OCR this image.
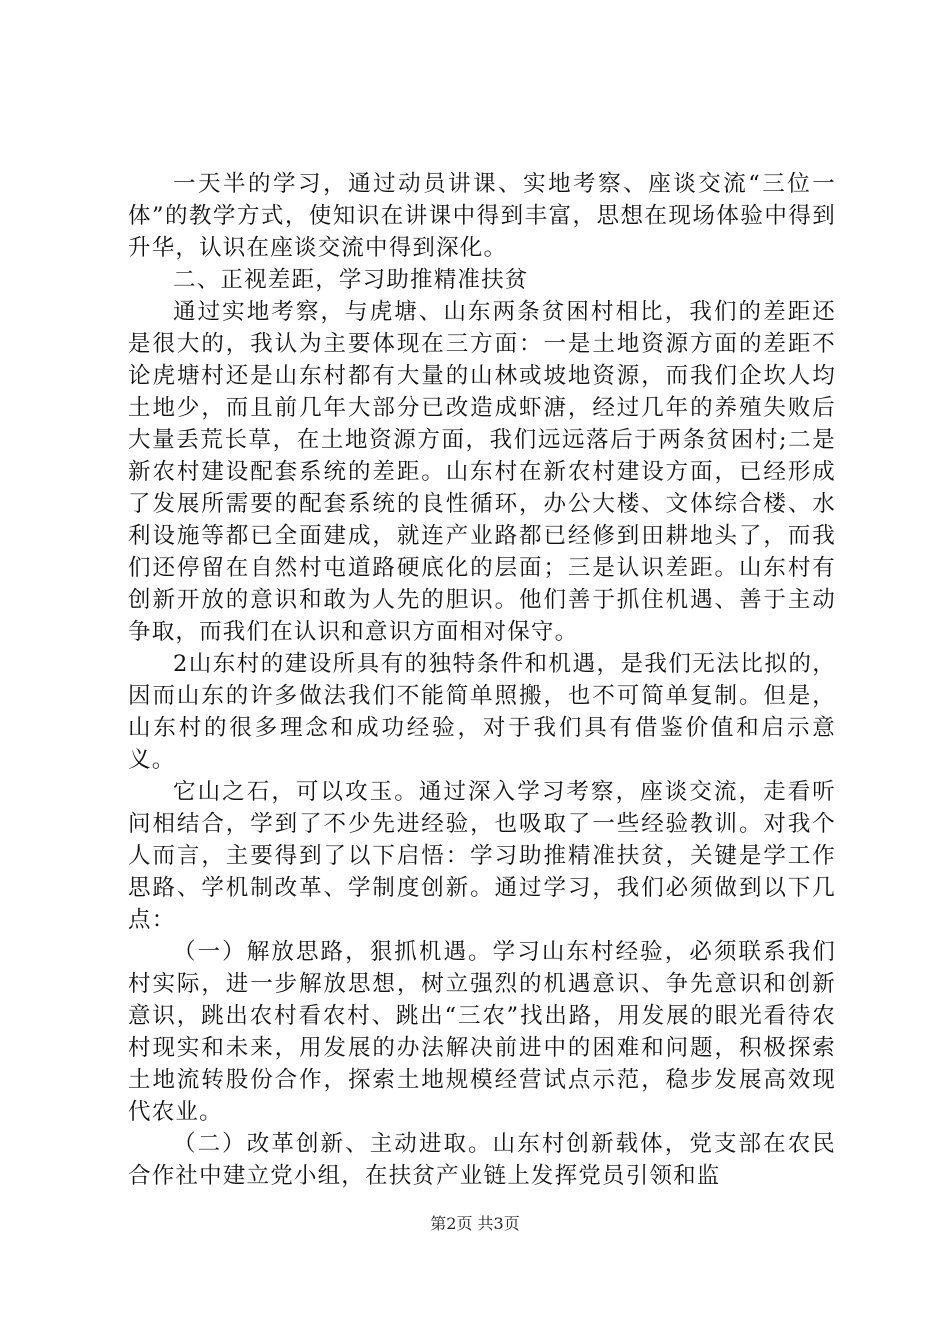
一天半的学习，通过动员讲课、实地考察、座谈交流“三位一体”的教学方式，使知识在讲课中得到丰富，思想在现场体验中得到升华，认识在座谈交流中得到深化。

二、正视差距，学习助推精准扶贫

通过实地考察，与虎塘、山东两条贫困村相比，我们的差距还是很大的，我认为主要体现在三方面：一是土地资源方面的差距不论虎塘村还是山东村都有大量的山林或坡地资源，而我们企坎人均土地少，而且前几年大部分已改造成虾溏，经过几年的养殖失败后大量丢荒长草，在土地资源方面，我们远远落后于两条贫困村;二是新农村建设配套系统的差距。山东村在新农村建设方面，已经形成了发展所需要的配套系统的良性循环，办公大楼、文体综合楼、水利设施等都已全面建成，就连产业路都已经修到田耕地头了，而我们还停留在自然村屯道路硬底化的层面；三是认识差距。山东村有创新开放的意识和敢为人先的胆识。他们善于抓住机遇、善于主动争取，而我们在认识和意识方面相对保守。

2山东村的建设所具有的独特条件和机遇，是我们无法比拟的，因而山东的许多做法我们不能简单照搬，也不可简单复制。但是，山东村的很多理念和成功经验，对于我们具有借鉴价值和启示意义。

它山之石，可以攻玉。通过深入学习考察，座谈交流，走看听问相结合，学到了不少先进经验，也吸取了一些经验教训。对我个人而言，主要得到了以下启悟：学习助推精准扶贫，关键是学工作思路、学机制改革、学制度创新。通过学习，我们必须做到以下几点：

（一）解放思路，狠抓机遇。学习山东村经验，必须联系我们村实际，进一步解放思想，树立强烈的机遇意识、争先意识和创新意识，跳出农村看农村、跳出“三农”找出路，用发展的眼光看待农村现实和未来，用发展的办法解决前进中的困难和问题，积极探索土地流转股份合作，探索土地规模经营试点示范，稳步发展高效现代农业。

（二）改革创新、主动进取。山东村创新载体，党支部在农民合作社中建立党小组，在扶贫产业链上发挥党员引领和监

第2页 共3页
